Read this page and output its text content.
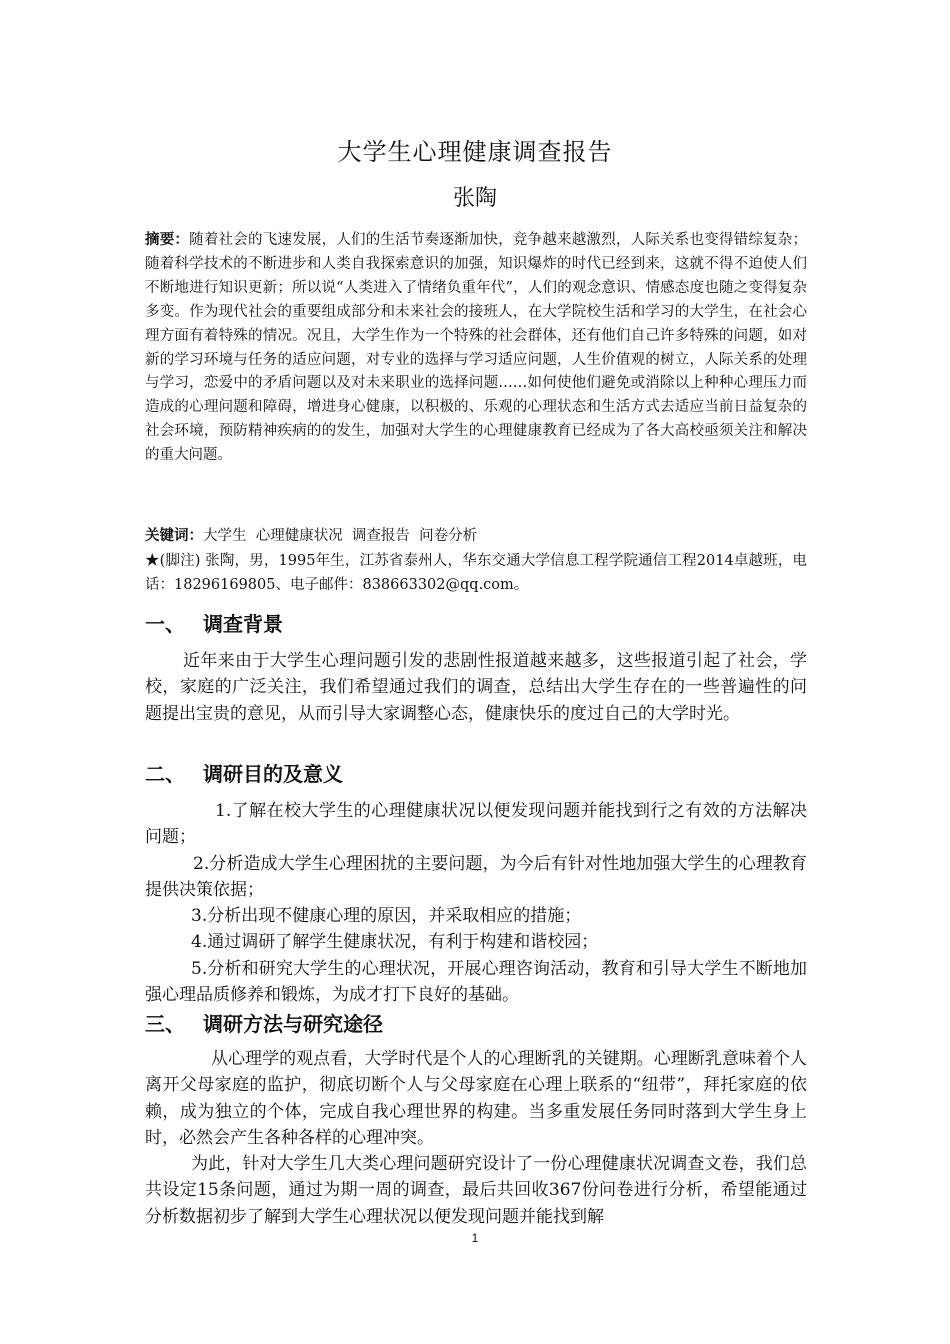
大学生心理健康调查报告
张陶
摘要：随着社会的飞速发展，人们的生活节奏逐渐加快，竞争越来越激烈，人际关系也变得错综复杂；随着科学技术的不断进步和人类自我探索意识的加强，知识爆炸的时代已经到来，这就不得不迫使人们不断地进行知识更新；所以说“人类进入了情绪负重年代”，人们的观念意识、情感态度也随之变得复杂多变。作为现代社会的重要组成部分和未来社会的接班人，在大学院校生活和学习的大学生，在社会心理方面有着特殊的情况。况且，大学生作为一个特殊的社会群体，还有他们自己许多特殊的问题，如对新的学习环境与任务的适应问题，对专业的选择与学习适应问题，人生价值观的树立，人际关系的处理与学习，恋爱中的矛盾问题以及对未来职业的选择问题……如何使他们避免或消除以上种种心理压力而造成的心理问题和障碍，增进身心健康，以积极的、乐观的心理状态和生活方式去适应当前日益复杂的社会环境，预防精神疾病的的发生，加强对大学生的心理健康教育已经成为了各大高校亟须关注和解决的重大问题。
关键词：大学生  心理健康状况  调查报告  问卷分析
★(脚注) 张陶，男，1995年生，江苏省泰州人，华东交通大学信息工程学院通信工程2014卓越班，电话：18296169805、电子邮件：838663302@qq.com。
一、 调查背景

近年来由于大学生心理问题引发的悲剧性报道越来越多，这些报道引起了社会，学校，家庭的广泛关注，我们希望通过我们的调查，总结出大学生存在的一些普遍性的问题提出宝贵的意见，从而引导大家调整心态，健康快乐的度过自己的大学时光。

二、 调研目的及意义

1.了解在校大学生的心理健康状况以便发现问题并能找到行之有效的方法解决问题；

2.分析造成大学生心理困扰的主要问题，为今后有针对性地加强大学生的心理教育提供决策依据；

3.分析出现不健康心理的原因，并采取相应的措施；

4.通过调研了解学生健康状况，有利于构建和谐校园；

5.分析和研究大学生的心理状况，开展心理咨询活动，教育和引导大学生不断地加强心理品质修养和锻炼，为成才打下良好的基础。

三、 调研方法与研究途径

从心理学的观点看，大学时代是个人的心理断乳的关键期。心理断乳意味着个人离开父母家庭的监护，彻底切断个人与父母家庭在心理上联系的“纽带”，拜托家庭的依赖，成为独立的个体，完成自我心理世界的构建。当多重发展任务同时落到大学生身上时，必然会产生各种各样的心理冲突。

为此，针对大学生几大类心理问题研究设计了一份心理健康状况调查文卷，我们总共设定15条问题，通过为期一周的调查，最后共回收367份问卷进行分析，希望能通过分析数据初步了解到大学生心理状况以便发现问题并能找到解

1
